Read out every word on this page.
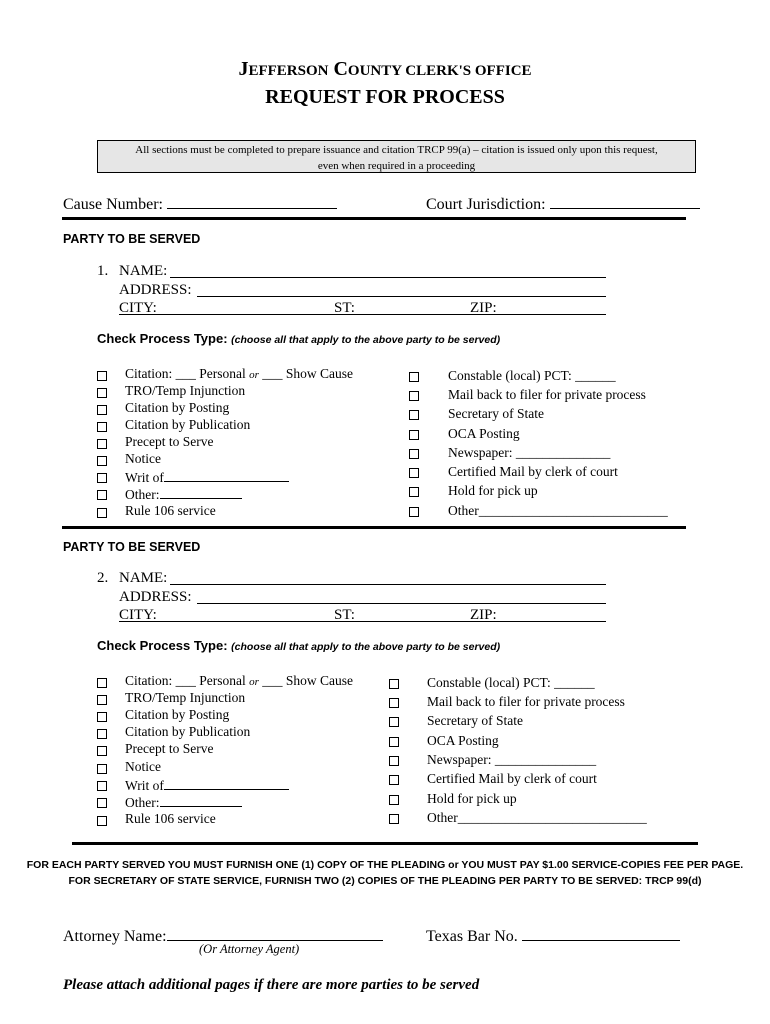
JEFFERSON COUNTY CLERK'S OFFICE
REQUEST FOR PROCESS
All sections must be completed to prepare issuance and citation TRCP 99(a) – citation is issued only upon this request,
even when required in a proceeding
Cause Number:	Court Jurisdiction:
PARTY TO BE SERVED
1. NAME:
ADDRESS:
CITY:	ST:	ZIP:
Check Process Type: (choose all that apply to the above party to be served)
Citation: ___ Personal or ___ Show Cause
TRO/Temp Injunction
Citation by Posting
Citation by Publication
Precept to Serve
Notice
Writ of
Other:
Rule 106 service
Constable (local) PCT: ______
Mail back to filer for private process
Secretary of State
OCA Posting
Newspaper: ______________
Certified Mail by clerk of court
Hold for pick up
Other____________________________
PARTY TO BE SERVED
2. NAME:
ADDRESS:
CITY:	ST:	ZIP:
Check Process Type: (choose all that apply to the above party to be served)
Citation: ___ Personal or ___ Show Cause
TRO/Temp Injunction
Citation by Posting
Citation by Publication
Precept to Serve
Notice
Writ of
Other:
Rule 106 service
Constable (local) PCT: ______
Mail back to filer for private process
Secretary of State
OCA Posting
Newspaper: _______________
Certified Mail by clerk of court
Hold for pick up
Other____________________________
FOR EACH PARTY SERVED YOU MUST FURNISH ONE (1) COPY OF THE PLEADING or YOU MUST PAY $1.00 SERVICE-COPIES FEE PER PAGE.
FOR SECRETARY OF STATE SERVICE, FURNISH TWO (2) COPIES OF THE PLEADING PER PARTY TO BE SERVED: TRCP 99(d)
Attorney Name:
(Or Attorney Agent)
Texas Bar No.
Please attach additional pages if there are more parties to be served
